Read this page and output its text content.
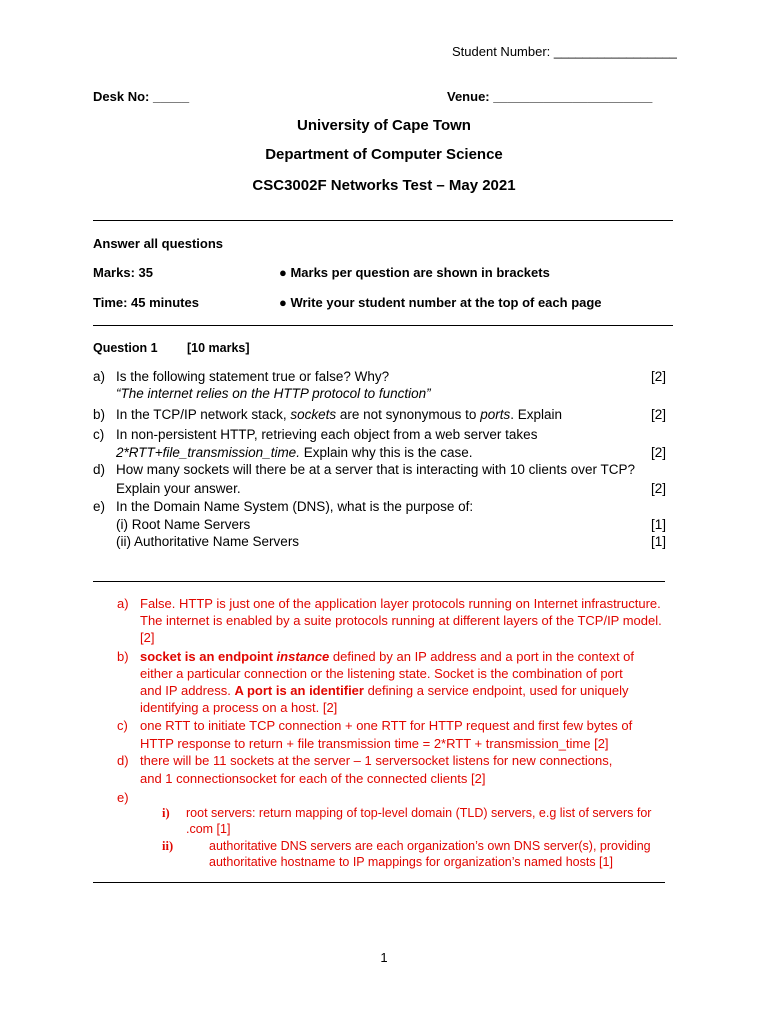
Student Number: _________________
Desk No: _____	Venue: ______________________
University of Cape Town
Department of Computer Science
CSC3002F Networks Test – May 2021
Answer all questions
Marks: 35	● Marks per question are shown in brackets
Time: 45 minutes	● Write your student number at the top of each page
Question 1 [10 marks]
a) Is the following statement true or false? Why?
“The internet relies on the HTTP protocol to function”
[2]
b) In the TCP/IP network stack, sockets are not synonymous to ports. Explain	[2]
c) In non-persistent HTTP, retrieving each object from a web server takes
2*RTT+file_transmission_time. Explain why this is the case.	[2]
d) How many sockets will there be at a server that is interacting with 10 clients over TCP?
Explain your answer.	[2]
e) In the Domain Name System (DNS), what is the purpose of:
(i) Root Name Servers	[1]
(ii) Authoritative Name Servers	[1]
a) False. HTTP is just one of the application layer protocols running on Internet infrastructure.
The internet is enabled by a suite protocols running at different layers of the TCP/IP model.
[2]
b) socket is an endpoint instance defined by an IP address and a port in the context of
either a particular connection or the listening state. Socket is the combination of port
and IP address. A port is an identifier defining a service endpoint, used for uniquely
identifying a process on a host. [2]
c) one RTT to initiate TCP connection + one RTT for HTTP request and first few bytes of
HTTP response to return + file transmission time = 2*RTT + transmission_time [2]
d) there will be 11 sockets at the server – 1 serversocket listens for new connections,
and 1 connectionsocket for each of the connected clients [2]
e)
i) root servers: return mapping of top-level domain (TLD) servers, e.g list of servers for
.com [1]
ii)	authoritative DNS servers are each organization’s own DNS server(s), providing
authoritative hostname to IP mappings for organization’s named hosts [1]
1
